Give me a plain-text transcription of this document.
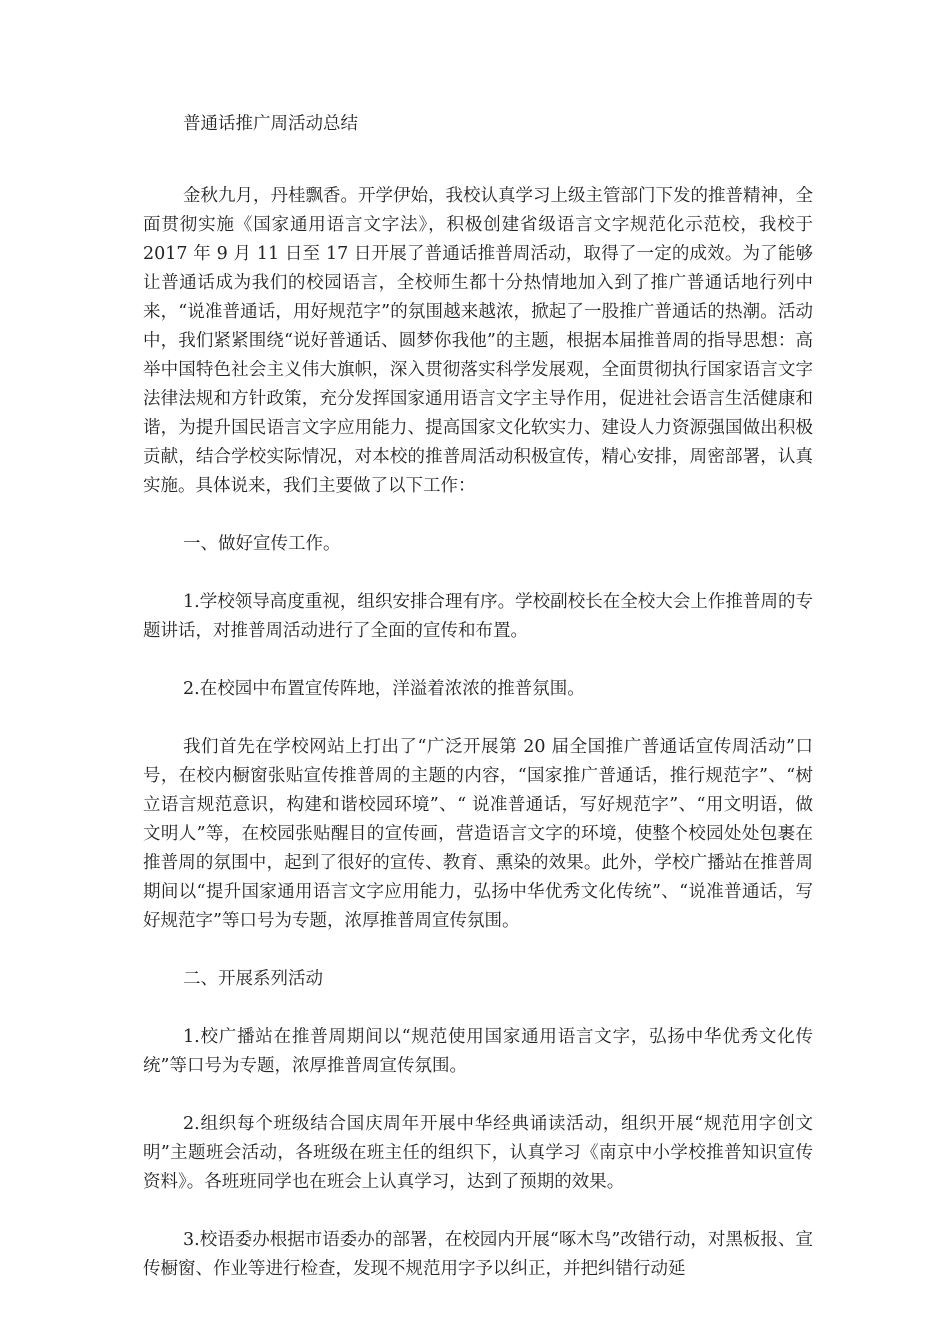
普通话推广周活动总结

金秋九月，丹桂飘香。开学伊始，我校认真学习上级主管部门下发的推普精神，全面贯彻实施《国家通用语言文字法》，积极创建省级语言文字规范化示范校，我校于 2017 年 9 月 11 日至 17 日开展了普通话推普周活动，取得了一定的成效。为了能够让普通话成为我们的校园语言，全校师生都十分热情地加入到了推广普通话地行列中来，“说准普通话，用好规范字”的氛围越来越浓，掀起了一股推广普通话的热潮。活动中，我们紧紧围绕“说好普通话、圆梦你我他”的主题，根据本届推普周的指导思想：高举中国特色社会主义伟大旗帜，深入贯彻落实科学发展观，全面贯彻执行国家语言文字法律法规和方针政策，充分发挥国家通用语言文字主导作用，促进社会语言生活健康和谐，为提升国民语言文字应用能力、提高国家文化软实力、建设人力资源强国做出积极贡献，结合学校实际情况，对本校的推普周活动积极宣传，精心安排，周密部署，认真实施。具体说来，我们主要做了以下工作：

一、做好宣传工作。

1.学校领导高度重视，组织安排合理有序。学校副校长在全校大会上作推普周的专题讲话，对推普周活动进行了全面的宣传和布置。

2.在校园中布置宣传阵地，洋溢着浓浓的推普氛围。

我们首先在学校网站上打出了“广泛开展第 20 届全国推广普通话宣传周活动”口号，在校内橱窗张贴宣传推普周的主题的内容，“国家推广普通话，推行规范字”、“树立语言规范意识，构建和谐校园环境”、“ 说准普通话，写好规范字”、“用文明语，做文明人”等，在校园张贴醒目的宣传画，营造语言文字的环境，使整个校园处处包裹在推普周的氛围中，起到了很好的宣传、教育、熏染的效果。此外，学校广播站在推普周期间以“提升国家通用语言文字应用能力，弘扬中华优秀文化传统”、“说准普通话，写好规范字”等口号为专题，浓厚推普周宣传氛围。

二、开展系列活动

1.校广播站在推普周期间以“规范使用国家通用语言文字，弘扬中华优秀文化传统”等口号为专题，浓厚推普周宣传氛围。

2.组织每个班级结合国庆周年开展中华经典诵读活动，组织开展“规范用字创文明”主题班会活动，各班级在班主任的组织下，认真学习《南京中小学校推普知识宣传资料》。各班班同学也在班会上认真学习，达到了预期的效果。

3.校语委办根据市语委办的部署，在校园内开展“啄木鸟”改错行动，对黑板报、宣传橱窗、作业等进行检查，发现不规范用字予以纠正，并把纠错行动延
